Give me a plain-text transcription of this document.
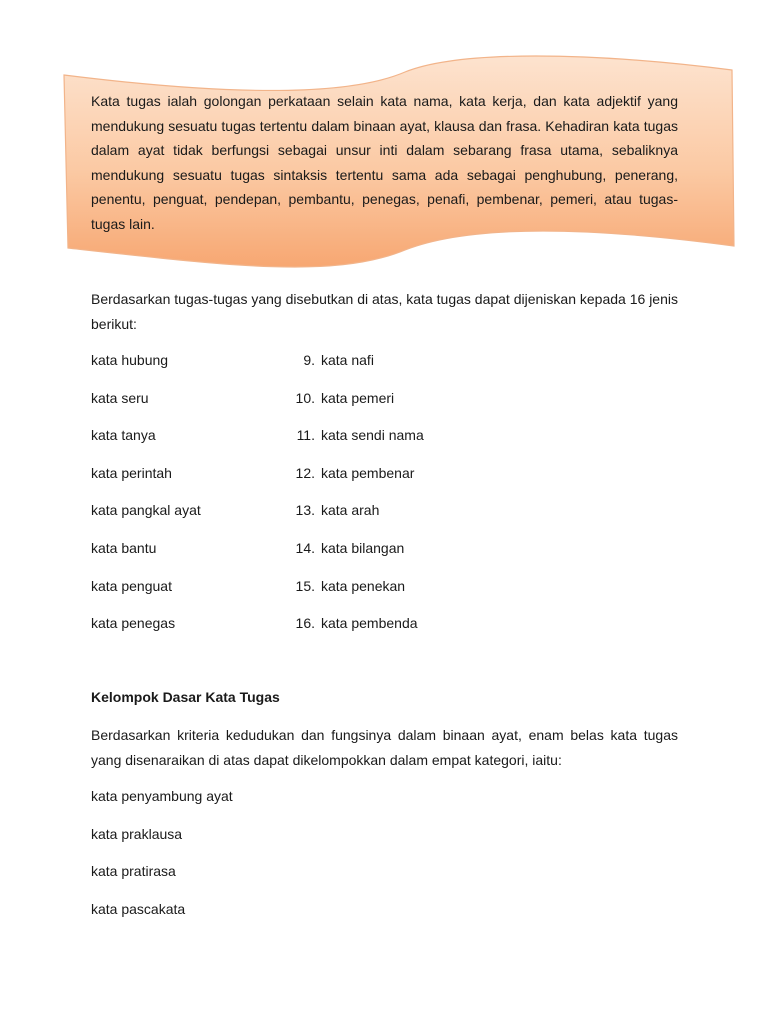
Kata tugas ialah golongan perkataan selain kata nama, kata kerja, dan kata adjektif yang mendukung sesuatu tugas tertentu dalam binaan ayat, klausa dan frasa. Kehadiran kata tugas dalam ayat tidak berfungsi sebagai unsur inti dalam sebarang frasa utama, sebaliknya mendukung sesuatu tugas sintaksis tertentu sama ada sebagai penghubung, penerang, penentu, penguat, pendepan, pembantu, penegas, penafi, pembenar, pemeri, atau tugas-tugas lain.

Berdasarkan tugas-tugas yang disebutkan di atas, kata tugas dapat dijeniskan kepada 16 jenis berikut:

kata hubung
kata seru
kata tanya
kata perintah
kata pangkal ayat
kata bantu
kata penguat
kata penegas
9. kata nafi
10. kata pemeri
11. kata sendi nama
12. kata pembenar
13. kata arah
14. kata bilangan
15. kata penekan
16. kata pembenda
Kelompok Dasar Kata Tugas

Berdasarkan kriteria kedudukan dan fungsinya dalam binaan ayat, enam belas kata tugas yang disenaraikan di atas dapat dikelompokkan dalam empat kategori, iaitu:

kata penyambung ayat
kata praklausa
kata pratirasa
kata pascakata
